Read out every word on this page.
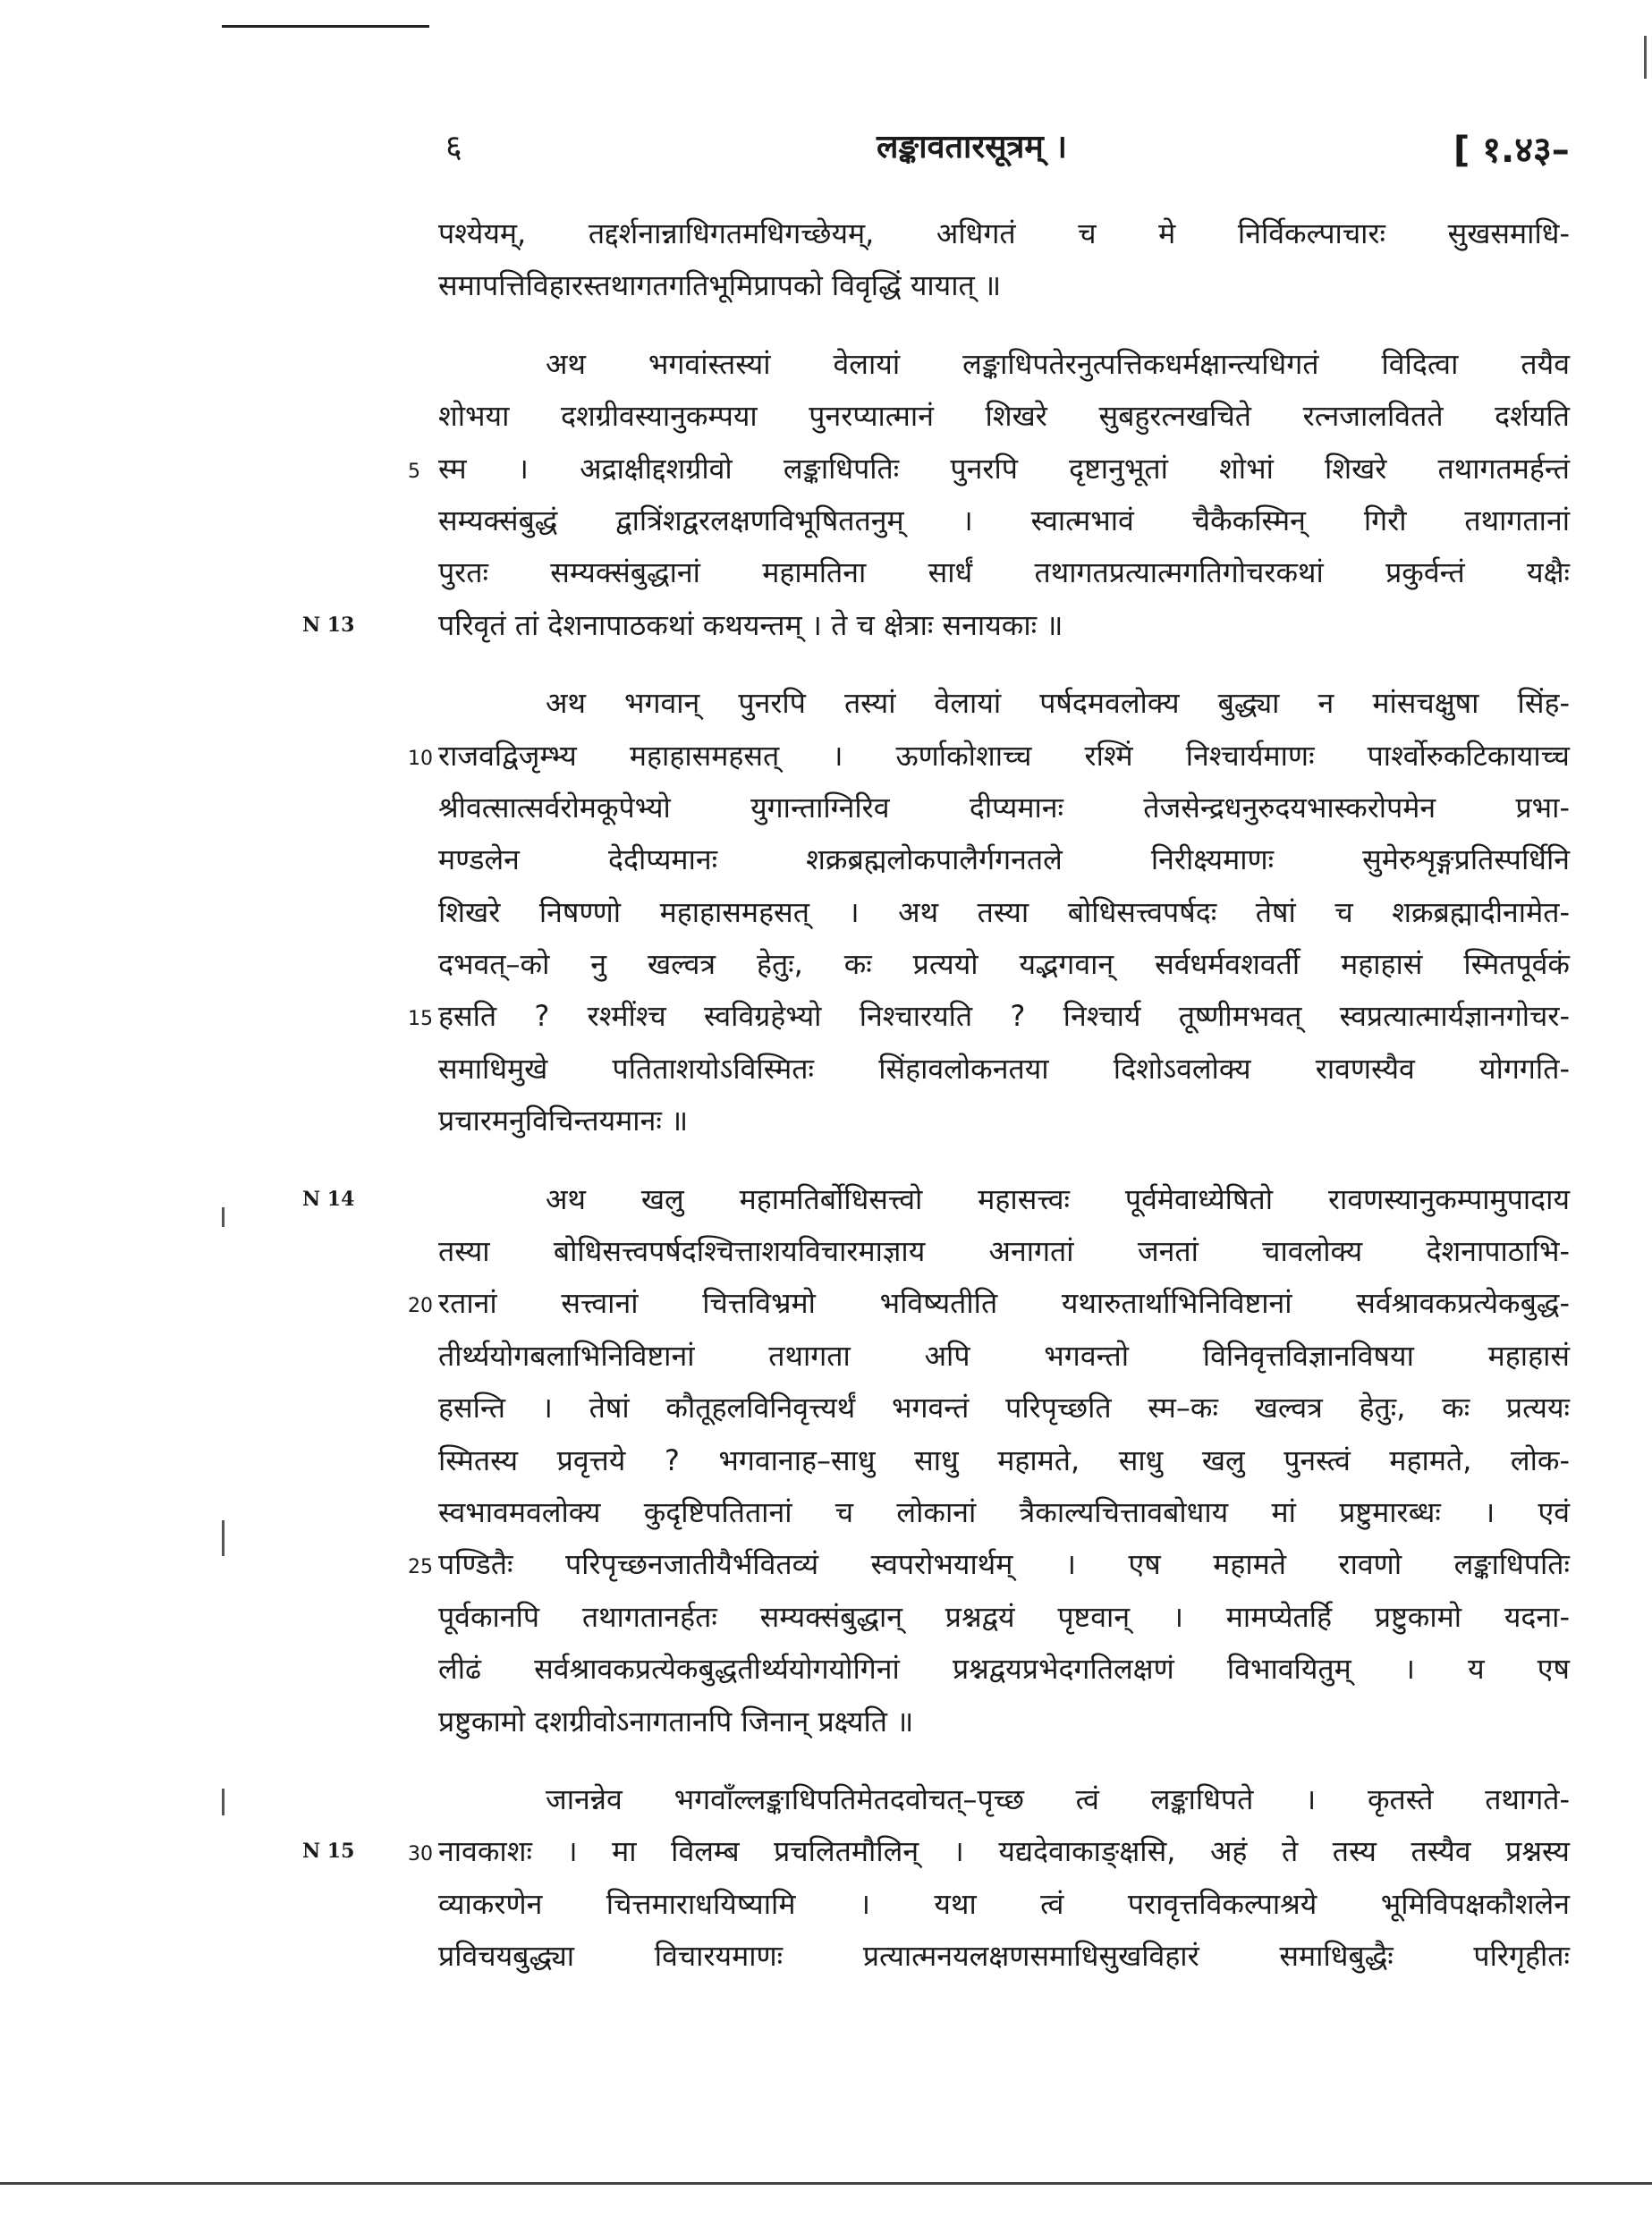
६	लङ्कावतारसूत्रम् ।	[ १.४३–
पश्येयम्, तद्दर्शनान्नाधिगतमधिगच्छेयम्, अधिगतं च मे निर्विकल्पाचारः सुखसमाधि-
समापत्तिविहारस्तथागतगतिभूमिप्रापको विवृद्धिं यायात् ॥
अथ भगवांस्तस्यां वेलायां लङ्काधिपतेरनुत्पत्तिकधर्मक्षान्त्यधिगतं विदित्वा तयैव
शोभया दशग्रीवस्यानुकम्पया पुनरप्यात्मानं शिखरे सुबहुरत्नखचिते रत्नजालवितते दर्शयति
5 स्म । अद्राक्षीद्दशग्रीवो लङ्काधिपतिः पुनरपि दृष्टानुभूतां शोभां शिखरे तथागतमर्हन्तं
सम्यक्संबुद्धं द्वात्रिंशद्वरलक्षणविभूषिततनुम् । स्वात्मभावं चैकैकस्मिन् गिरौ तथागतानां
पुरतः सम्यक्संबुद्धानां महामतिना सार्धं तथागतप्रत्यात्मगतिगोचरकथां प्रकुर्वन्तं यक्षैः
N 13	परिवृतं तां देशनापाठकथां कथयन्तम् । ते च क्षेत्राः सनायकाः ॥
अथ भगवान् पुनरपि तस्यां वेलायां पर्षदमवलोक्य बुद्ध्या न मांसचक्षुषा सिंह-
10 राजवद्विजृम्भ्य महाहासमहसत् । ऊर्णाकोशाच्च रश्मिं निश्चार्यमाणः पार्श्वोरुकटिकायाच्च
श्रीवत्सात्सर्वरोमकूपेभ्यो युगान्ताग्निरिव दीप्यमानः तेजसेन्द्रधनुरुदयभास्करोपमेन प्रभा-
मण्डलेन देदीप्यमानः शक्रब्रह्मलोकपालैर्गगनतले निरीक्ष्यमाणः सुमेरुशृङ्गप्रतिस्पर्धिनि
शिखरे निषण्णो महाहासमहसत् । अथ तस्या बोधिसत्त्वपर्षदः तेषां च शक्रब्रह्मादीनामेत-
दभवत्–को नु खल्वत्र हेतुः, कः प्रत्ययो यद्भगवान् सर्वधर्मवशवर्ती महाहासं स्मितपूर्वकं
15 हसति ? रश्मींश्च स्वविग्रहेभ्यो निश्चारयति ? निश्चार्य तूष्णीमभवत् स्वप्रत्यात्मार्यज्ञानगोचर-
समाधिमुखे पतिताशयोऽविस्मितः सिंहावलोकनतया दिशोऽवलोक्य रावणस्यैव योगगति-
प्रचारमनुविचिन्तयमानः ॥
N 14	अथ खलु महामतिर्बोधिसत्त्वो महासत्त्वः पूर्वमेवाध्येषितो रावणस्यानुकम्पामुपादाय
तस्या बोधिसत्त्वपर्षदश्चित्ताशयविचारमाज्ञाय अनागतां जनतां चावलोक्य देशनापाठाभि-
20 रतानां सत्त्वानां चित्तविभ्रमो भविष्यतीति यथारुतार्थाभिनिविष्टानां सर्वश्रावकप्रत्येकबुद्ध-
तीर्थ्ययोगबलाभिनिविष्टानां तथागता अपि भगवन्तो विनिवृत्तविज्ञानविषया महाहासं
हसन्ति । तेषां कौतूहलविनिवृत्त्यर्थं भगवन्तं परिपृच्छति स्म–कः खल्वत्र हेतुः, कः प्रत्ययः
स्मितस्य प्रवृत्तये ? भगवानाह–साधु साधु महामते, साधु खलु पुनस्त्वं महामते, लोक-
स्वभावमवलोक्य कुदृष्टिपतितानां च लोकानां त्रैकाल्यचित्तावबोधाय मां प्रष्टुमारब्धः । एवं
25 पण्डितैः परिपृच्छनजातीयैर्भवितव्यं स्वपरोभयार्थम् । एष महामते रावणो लङ्काधिपतिः
पूर्वकानपि तथागतानर्हतः सम्यक्संबुद्धान् प्रश्नद्वयं पृष्टवान् । मामप्येतर्हि प्रष्टुकामो यदना-
लीढं सर्वश्रावकप्रत्येकबुद्धतीर्थ्ययोगयोगिनां प्रश्नद्वयप्रभेदगतिलक्षणं विभावयितुम् । य एष
प्रष्टुकामो दशग्रीवोऽनागतानपि जिनान् प्रक्ष्यति ॥
जानन्नेव भगवाँल्लङ्काधिपतिमेतदवोचत्–पृच्छ त्वं लङ्काधिपते । कृतस्ते तथागते-
30
N 15	नावकाशः । मा विलम्ब प्रचलितमौलिन् । यद्यदेवाकाङ्क्षसि, अहं ते तस्य तस्यैव प्रश्नस्य
व्याकरणेन चित्तमाराधयिष्यामि । यथा त्वं परावृत्तविकल्पाश्रये भूमिविपक्षकौशलेन
प्रविचयबुद्ध्या विचारयमाणः प्रत्यात्मनयलक्षणसमाधिसुखविहारं समाधिबुद्धैः परिगृहीतः
